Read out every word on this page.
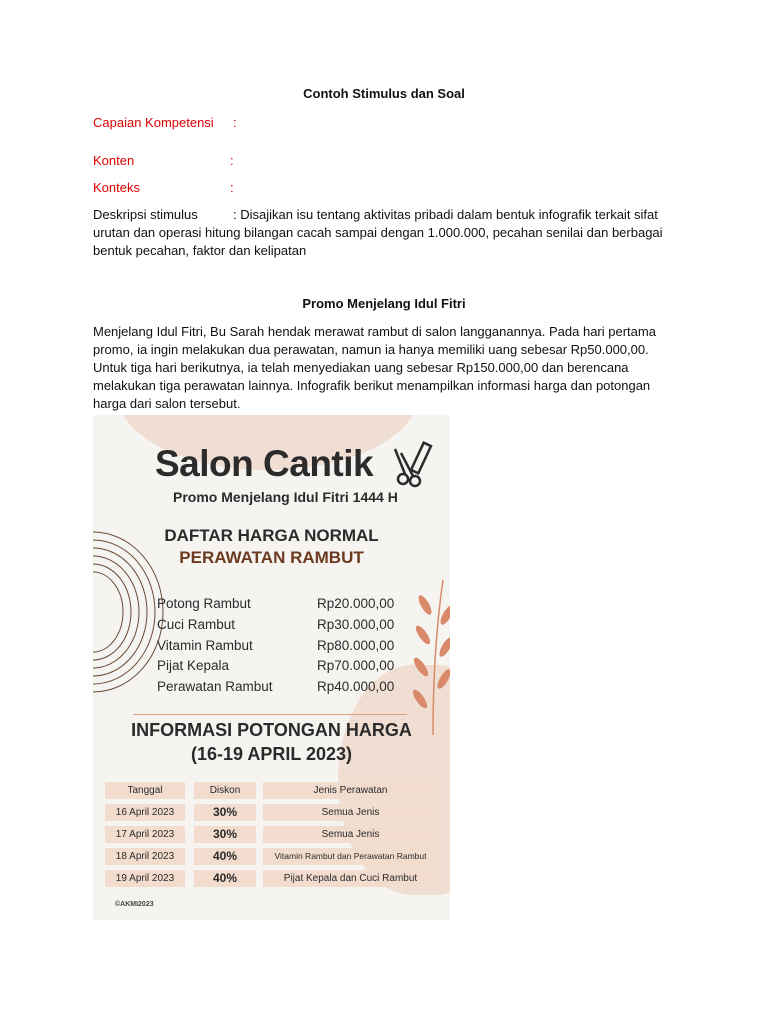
Contoh Stimulus dan Soal
Capaian Kompetensi :
Konten	:
Konteks	:
Deskripsi stimulus	: Disajikan isu tentang aktivitas pribadi dalam bentuk infografik terkait sifat urutan dan operasi hitung bilangan cacah sampai dengan 1.000.000, pecahan senilai dan berbagai bentuk pecahan, faktor dan kelipatan
Promo Menjelang Idul Fitri
Menjelang Idul Fitri, Bu Sarah hendak merawat rambut di salon langganannya. Pada hari pertama promo, ia ingin melakukan dua perawatan, namun ia hanya memiliki uang sebesar Rp50.000,00. Untuk tiga hari berikutnya, ia telah menyediakan uang sebesar Rp150.000,00 dan berencana melakukan tiga perawatan lainnya. Infografik berikut menampilkan informasi harga dan potongan harga dari salon tersebut.
Salon Cantik
Promo Menjelang Idul Fitri 1444 H
DAFTAR HARGA NORMAL
PERAWATAN RAMBUT
Potong Rambut	Rp20.000,00
Cuci Rambut	Rp30.000,00
Vitamin Rambut	Rp80.000,00
Pijat Kepala	Rp70.000,00
Perawatan Rambut	Rp40.000,00
INFORMASI POTONGAN HARGA
(16-19 APRIL 2023)
Tanggal	Diskon	Jenis Perawatan
16 April 2023	30%	Semua Jenis
17 April 2023	30%	Semua Jenis
18 April 2023	40%	Vitamin Rambut dan Perawatan Rambut
19 April 2023	40%	Pijat Kepala dan Cuci Rambut
©AKMI2023
